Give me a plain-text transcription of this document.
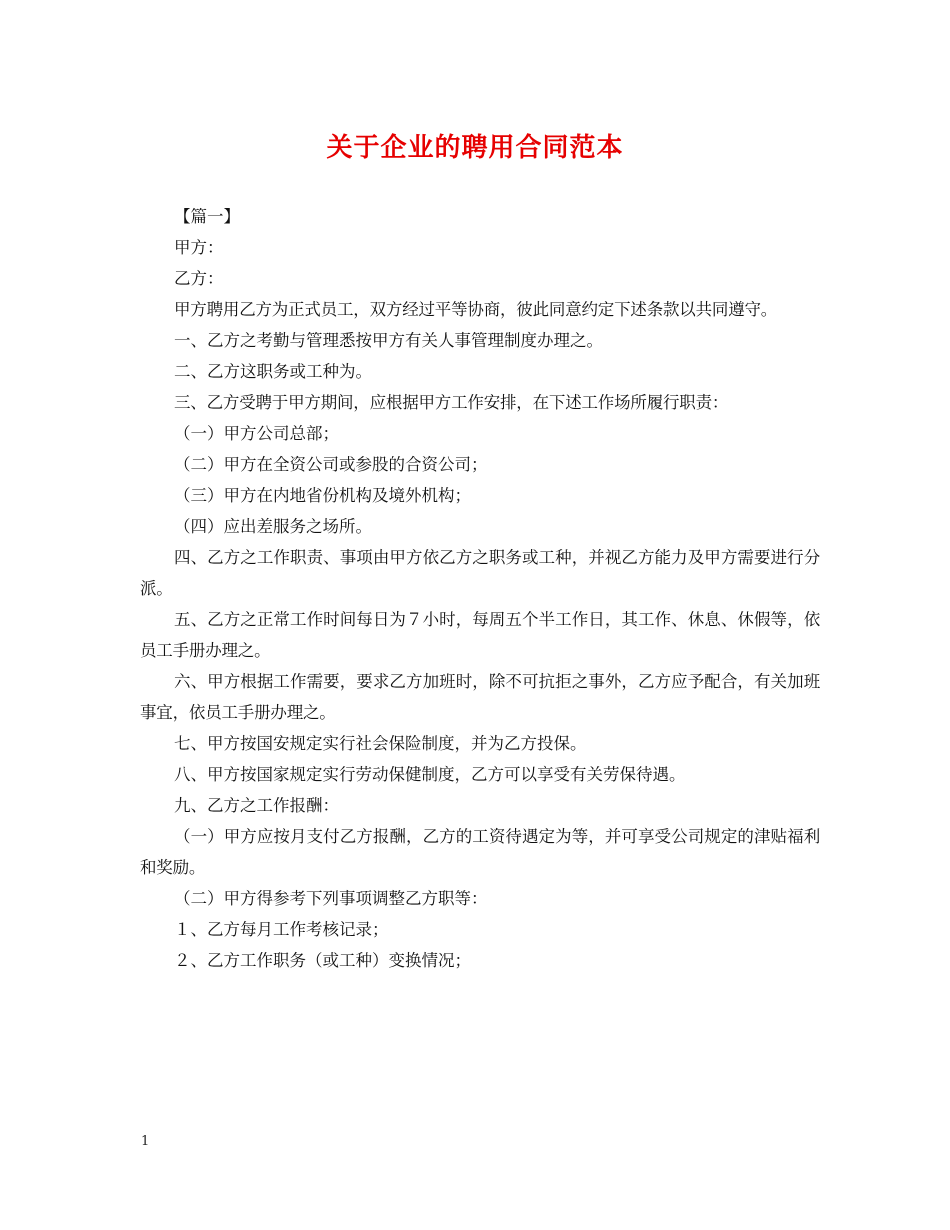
关于企业的聘用合同范本

【篇一】

甲方：

乙方：

甲方聘用乙方为正式员工，双方经过平等协商，彼此同意约定下述条款以共同遵守。

一、乙方之考勤与管理悉按甲方有关人事管理制度办理之。

二、乙方这职务或工种为。

三、乙方受聘于甲方期间，应根据甲方工作安排，在下述工作场所履行职责：

（一）甲方公司总部；

（二）甲方在全资公司或参股的合资公司；

（三）甲方在内地省份机构及境外机构；

（四）应出差服务之场所。

四、乙方之工作职责、事项由甲方依乙方之职务或工种，并视乙方能力及甲方需要进行分派。

五、乙方之正常工作时间每日为７小时，每周五个半工作日，其工作、休息、休假等，依员工手册办理之。

六、甲方根据工作需要，要求乙方加班时，除不可抗拒之事外，乙方应予配合，有关加班事宜，依员工手册办理之。

七、甲方按国安规定实行社会保险制度，并为乙方投保。

八、甲方按国家规定实行劳动保健制度，乙方可以享受有关劳保待遇。

九、乙方之工作报酬：

（一）甲方应按月支付乙方报酬，乙方的工资待遇定为等，并可享受公司规定的津贴福利和奖励。

（二）甲方得参考下列事项调整乙方职等：

１、乙方每月工作考核记录；

２、乙方工作职务（或工种）变换情况；

1
